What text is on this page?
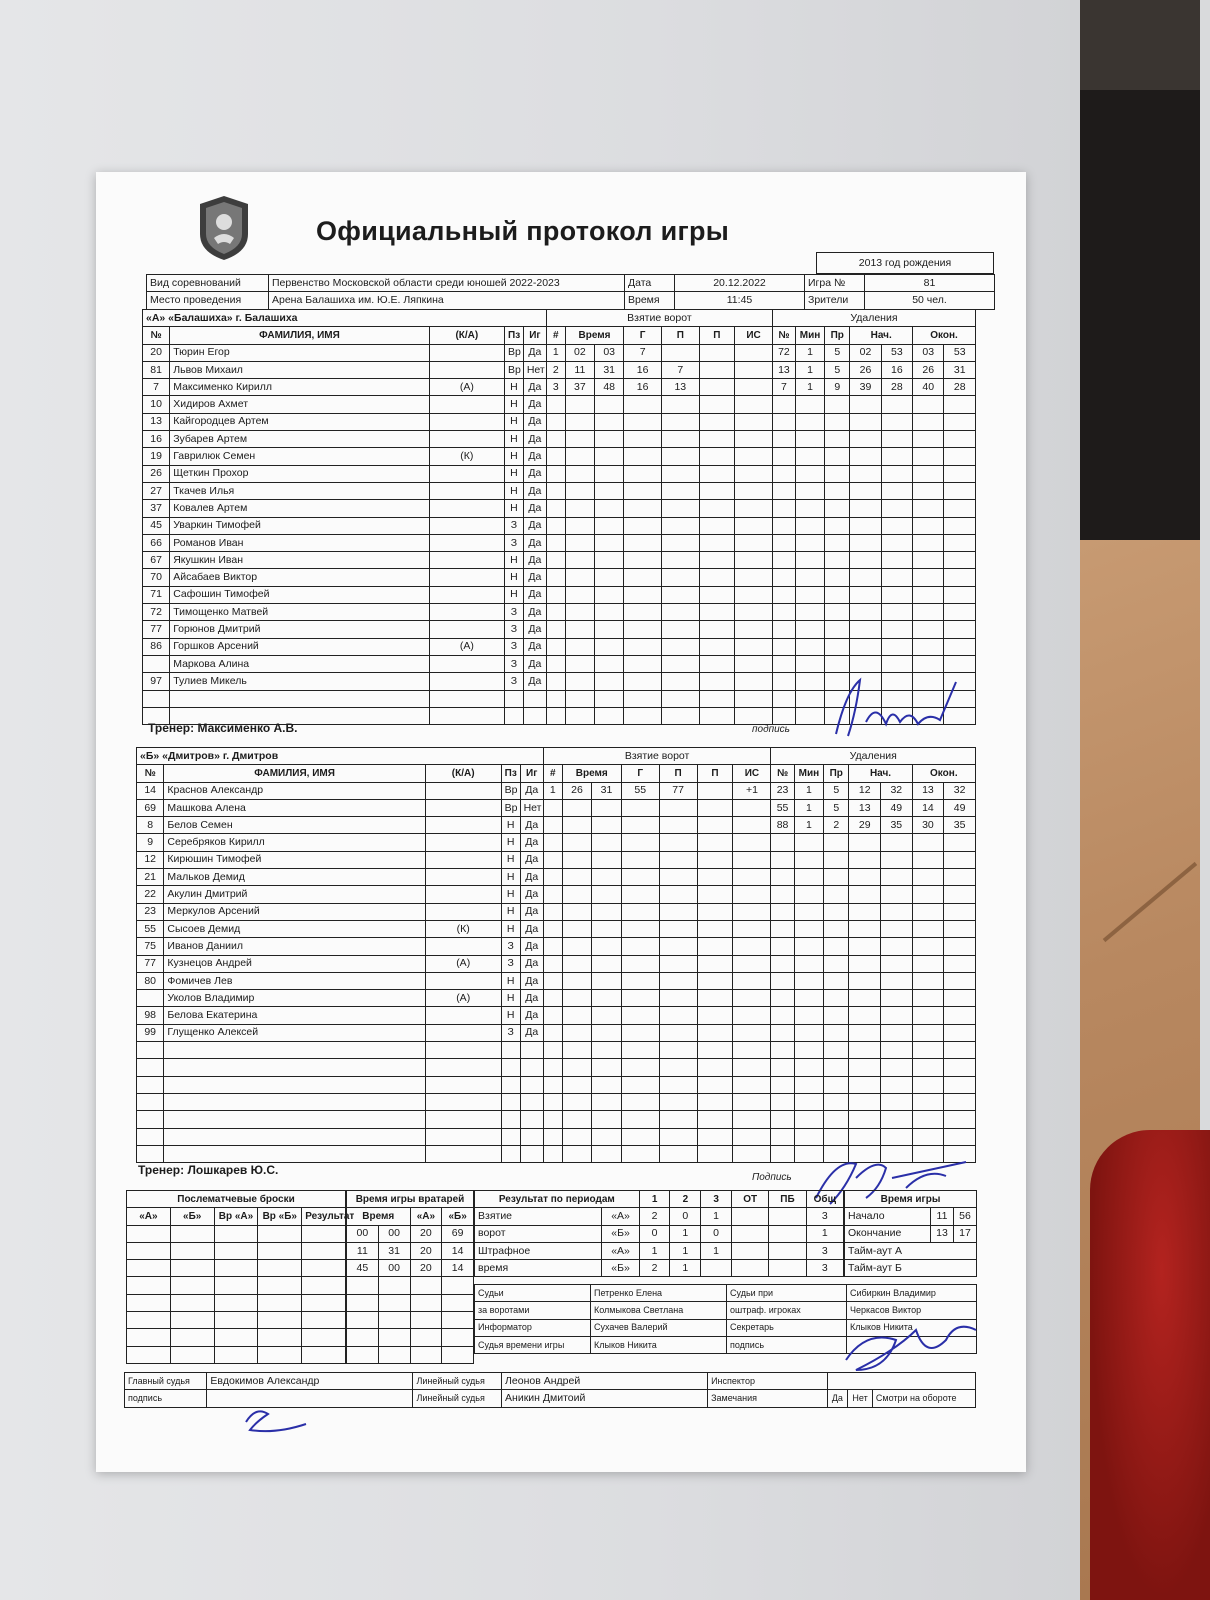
Официальный протокол игры
2013 год рождения
Вид соревнований	Первенство Московской области среди юношей 2022-2023	Дата	20.12.2022	Игра №	81
Место проведения	Арена Балашиха им. Ю.Е. Ляпкина	Время	11:45	Зрители	50 чел.
«А» «Балашиха» г. Балашиха					Взятие ворот							Удаления						
№	ФАМИЛИЯ, ИМЯ	(К/А)	Пз	Иг	#	Время		Г	П	П	ИС	№	Мин	Пр	Нач.		Окон.	
20	Тюрин Егор		Вр	Да	1	02	03	7				72	1	5	02	53	03	53
81	Львов Михаил		Вр	Нет	2	11	31	16	7			13	1	5	26	16	26	31
7	Максименко Кирилл	(А)	Н	Да	3	37	48	16	13			7	1	9	39	28	40	28
10	Хидиров Ахмет		Н	Да														
13	Кайгородцев Артем		Н	Да														
16	Зубарев Артем		Н	Да														
19	Гаврилюк Семен	(К)	Н	Да														
26	Щеткин Прохор		Н	Да														
27	Ткачев Илья		Н	Да														
37	Ковалев Артем		Н	Да														
45	Уваркин Тимофей		З	Да														
66	Романов Иван		З	Да														
67	Якушкин Иван		Н	Да														
70	Айсабаев Виктор		Н	Да														
71	Сафошин Тимофей		Н	Да														
72	Тимощенко Матвей		З	Да														
77	Горюнов Дмитрий		З	Да														
86	Горшков Арсений	(А)	З	Да														
	Маркова Алина		З	Да														
97	Тулиев Микель		З	Да														

Тренер: Максименко А.В.	подпись
«Б» «Дмитров» г. Дмитров					Взятие ворот							Удаления						
№	ФАМИЛИЯ, ИМЯ	(К/А)	Пз	Иг	#	Время		Г	П	П	ИС	№	Мин	Пр	Нач.		Окон.	
14	Краснов Александр		Вр	Да	1	26	31	55	77		+1	23	1	5	12	32	13	32
69	Машкова Алена		Вр	Нет								55	1	5	13	49	14	49
8	Белов Семен		Н	Да								88	1	2	29	35	30	35
9	Серебряков Кирилл		Н	Да														
12	Кирюшин Тимофей		Н	Да														
21	Мальков Демид		Н	Да														
22	Акулин Дмитрий		Н	Да														
23	Меркулов Арсений		Н	Да														
55	Сысоев Демид	(К)	Н	Да														
75	Иванов Даниил		З	Да														
77	Кузнецов Андрей	(А)	З	Да														
80	Фомичев Лев		Н	Да														
	Уколов Владимир	(А)	Н	Да														
98	Белова Екатерина		Н	Да														
99	Глущенко Алексей		З	Да														

Тренер: Лошкарев Ю.С.
Подпись
Послематчевые броски				
«А»	«Б»	Вр «А»	Вр «Б»	Результат

Время игры вратарей			
Время		«А»	«Б»
00	00	20	69
11	31	20	14
45	00	20	14

Результат по периодам		1	2	3	ОТ	ПБ	Общ
Взятие	«А»	2	0	1			3
ворот	«Б»	0	1	0			1
Штрафное	«А»	1	1	1			3
время	«Б»	2	1				3
Время игры		
Начало	11	56
Окончание	13	17
Тайм-аут А		
Тайм-аут Б		
Судьи	Петренко Елена	Судьи при	Сибиркин Владимир
за воротами	Колмыкова Светлана	оштраф. игроках	Черкасов Виктор
Информатор	Сухачев Валерий	Секретарь	Клыков Никита
Судья времени игры	Клыков Никита	подпись	
Главный судья	Евдокимов Александр	Линейный судья	Леонов Андрей	Инспектор			
подпись		Линейный судья	Аникин Дмитоий	Замечания	Да	Нет	Смотри на обороте
